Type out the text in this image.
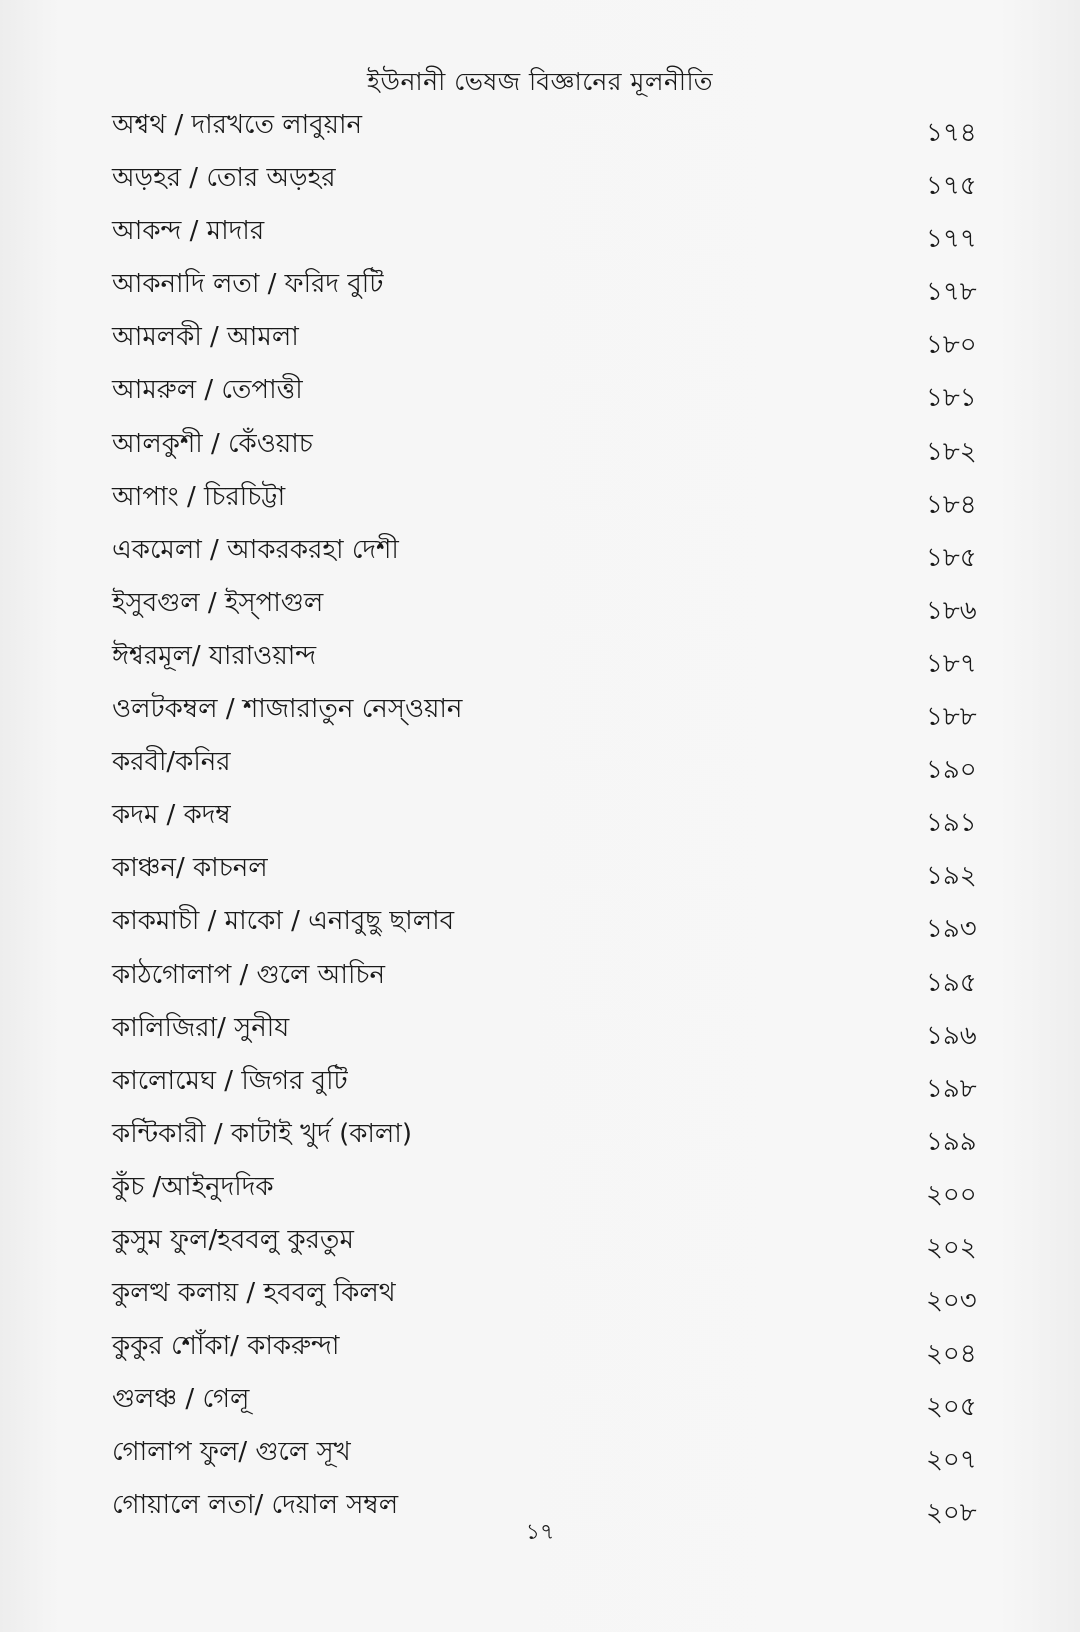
ইউনানী ভেষজ বিজ্ঞানের মূলনীতি
অশ্বথ / দারখতে লাবুয়ান	১৭৪
অড়হর / তোর অড়হর	১৭৫
আকন্দ / মাদার	১৭৭
আকনাদি লতা / ফরিদ বুটি	১৭৮
আমলকী / আমলা	১৮০
আমরুল / তেপাত্তী	১৮১
আলকুশী / কেঁওয়াচ	১৮২
আপাং / চিরচিট্টা	১৮৪
একমেলা / আকরকরহা দেশী	১৮৫
ইসুবগুল / ইস্‌পাগুল	১৮৬
ঈশ্বরমূল/ যারাওয়ান্দ	১৮৭
ওলটকম্বল / শাজারাতুন নেস্‌ওয়ান	১৮৮
করবী/কনির	১৯০
কদম / কদম্ব	১৯১
কাঞ্চন/ কাচনল	১৯২
কাকমাচী / মাকো / এনাবুছু ছালাব	১৯৩
কাঠগোলাপ / গুলে আচিন	১৯৫
কালিজিরা/ সুনীয	১৯৬
কালোমেঘ / জিগর বুটি	১৯৮
কন্টিকারী / কাটাই খুর্দ (কালা)	১৯৯
কুঁচ /আইনুদদিক	২০০
কুসুম ফুল/হববলু কুরতুম	২০২
কুলত্থ কলায় / হববলু কিলথ	২০৩
কুকুর শোঁকা/ কাকরুন্দা	২০৪
গুলঞ্চ / গেলূ	২০৫
গোলাপ ফুল/ গুলে সূখ	২০৭
গোয়ালে লতা/ দেয়াল সম্বল	২০৮
১৭
